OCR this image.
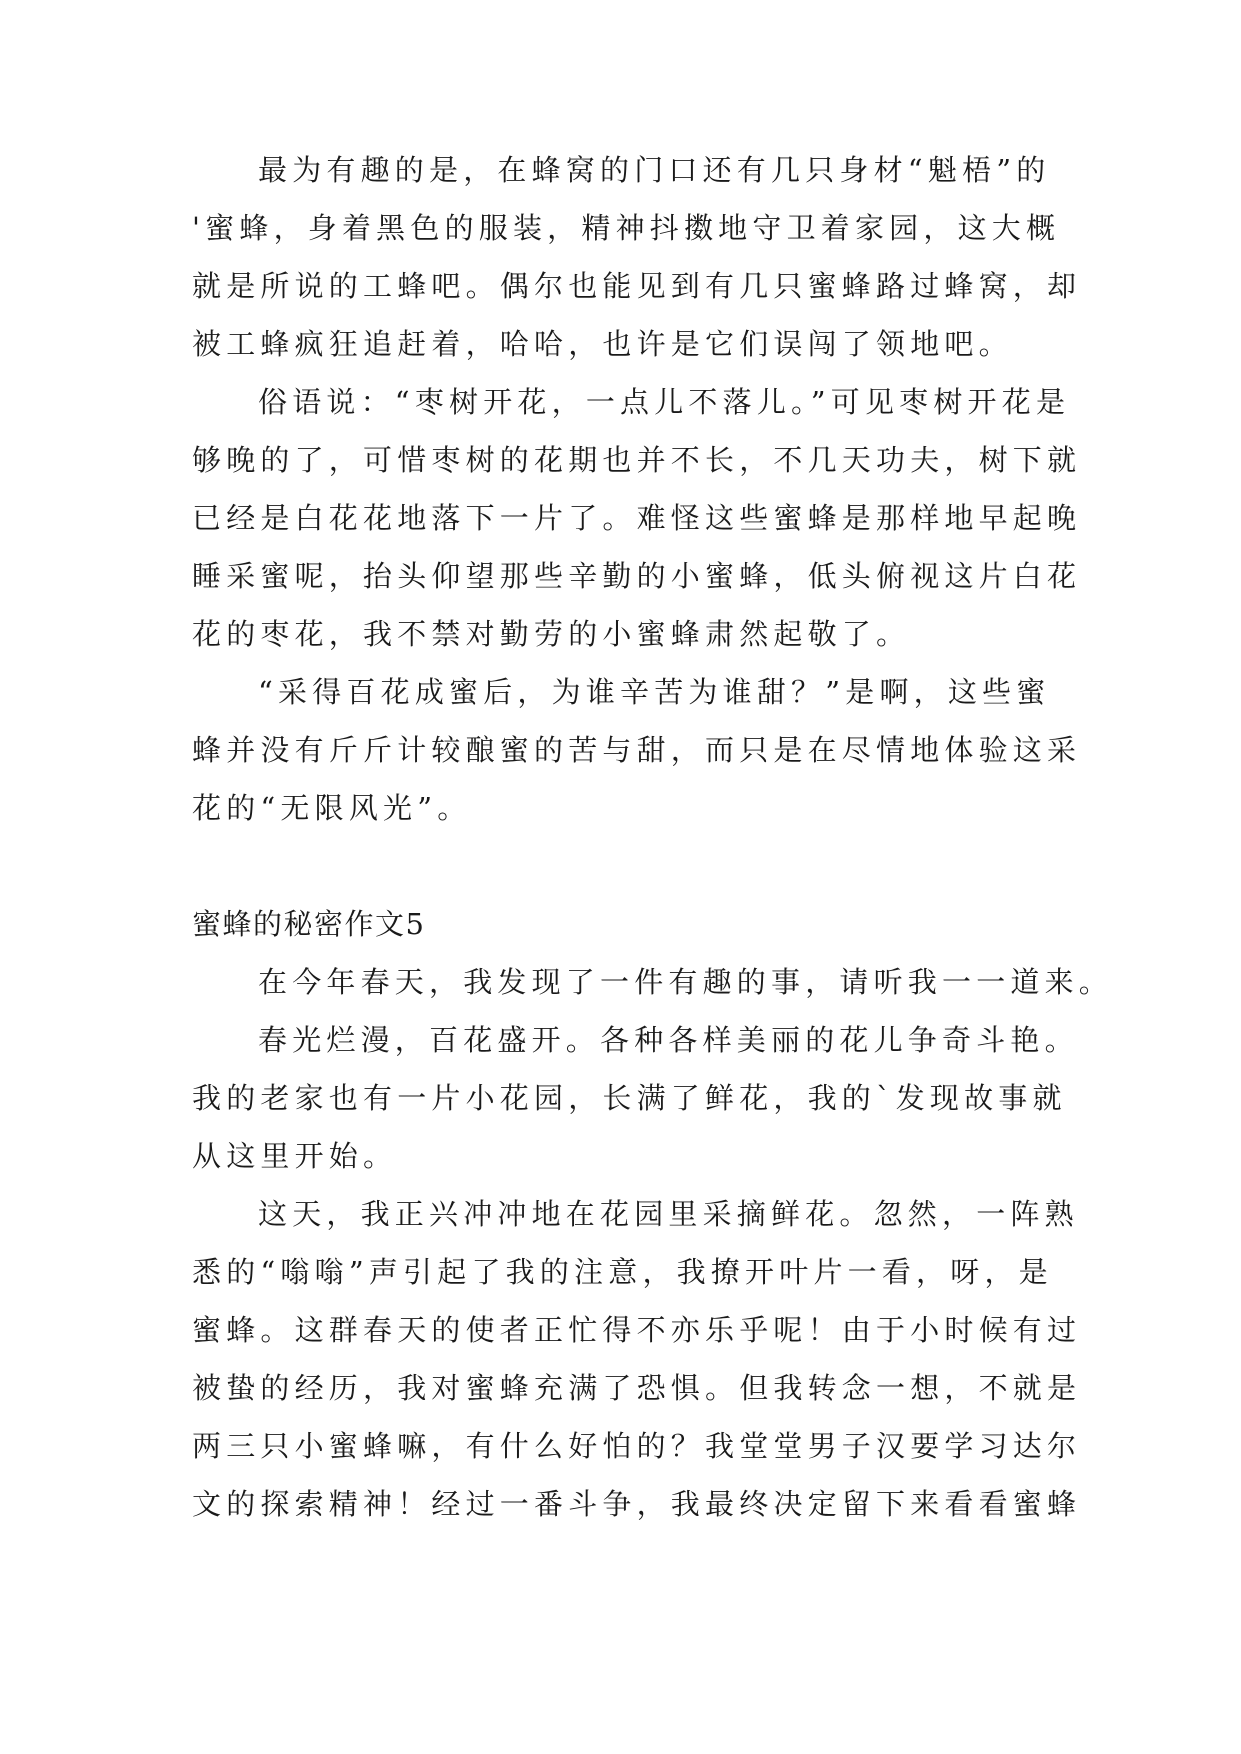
最为有趣的是，在蜂窝的门口还有几只身材“魁梧”的
'蜜蜂，身着黑色的服装，精神抖擞地守卫着家园，这大概
就是所说的工蜂吧。偶尔也能见到有几只蜜蜂路过蜂窝，却
被工蜂疯狂追赶着，哈哈，也许是它们误闯了领地吧。
俗语说：“枣树开花，一点儿不落儿。”可见枣树开花是
够晚的了，可惜枣树的花期也并不长，不几天功夫，树下就
已经是白花花地落下一片了。难怪这些蜜蜂是那样地早起晚
睡采蜜呢，抬头仰望那些辛勤的小蜜蜂，低头俯视这片白花
花的枣花，我不禁对勤劳的小蜜蜂肃然起敬了。
“采得百花成蜜后，为谁辛苦为谁甜？”是啊，这些蜜
蜂并没有斤斤计较酿蜜的苦与甜，而只是在尽情地体验这采
花的“无限风光”。
蜜蜂的秘密作文5
在今年春天，我发现了一件有趣的事，请听我一一道来。
春光烂漫，百花盛开。各种各样美丽的花儿争奇斗艳。
我的老家也有一片小花园，长满了鲜花，我的`发现故事就
从这里开始。
这天，我正兴冲冲地在花园里采摘鲜花。忽然，一阵熟
悉的“嗡嗡”声引起了我的注意，我撩开叶片一看，呀，是
蜜蜂。这群春天的使者正忙得不亦乐乎呢！由于小时候有过
被蛰的经历，我对蜜蜂充满了恐惧。但我转念一想，不就是
两三只小蜜蜂嘛，有什么好怕的？我堂堂男子汉要学习达尔
文的探索精神！经过一番斗争，我最终决定留下来看看蜜蜂
